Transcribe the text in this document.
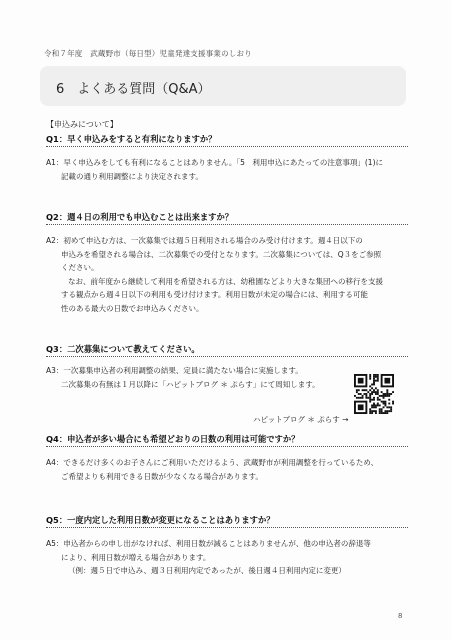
令和７年度　武蔵野市（毎日型）児童発達支援事業のしおり
6　よくある質問（Q&A）
【申込みについて】
Q1：早く申込みをすると有利になりますか？

A1：早く申込みをしても有利になることはありません。「5　利用申込にあたっての注意事項」(1)に

記載の通り利用調整により決定されます。

Q2：週４日の利用でも申込むことは出来ますか？

A2：初めて申込む方は、一次募集では週５日利用される場合のみ受け付けます。週４日以下の

申込みを希望される場合は、二次募集での受付となります。二次募集については、Q３をご参照

ください。

なお、前年度から継続して利用を希望される方は、幼稚園などより大きな集団への移行を支援

する観点から週４日以下の利用も受け付けます。利用日数が未定の場合には、利用する可能

性のある最大の日数でお申込みください。

Q3：二次募集について教えてください。

A3：一次募集申込者の利用調整の結果、定員に満たない場合に実施します。

二次募集の有無は１月以降に「ハピットブログ ＊ ぷらす」にて周知します。

ハピットブログ ＊ ぷらす →
Q4：申込者が多い場合にも希望どおりの日数の利用は可能ですか？

A4：できるだけ多くのお子さんにご利用いただけるよう、武蔵野市が利用調整を行っているため、

ご希望よりも利用できる日数が少なくなる場合があります。

Q5：一度内定した利用日数が変更になることはありますか？

A5：申込者からの申し出がなければ、利用日数が減ることはありませんが、他の申込者の辞退等

により、利用日数が増える場合があります。

（例：週５日で申込み、週３日利用内定であったが、後日週４日利用内定に変更）

8
